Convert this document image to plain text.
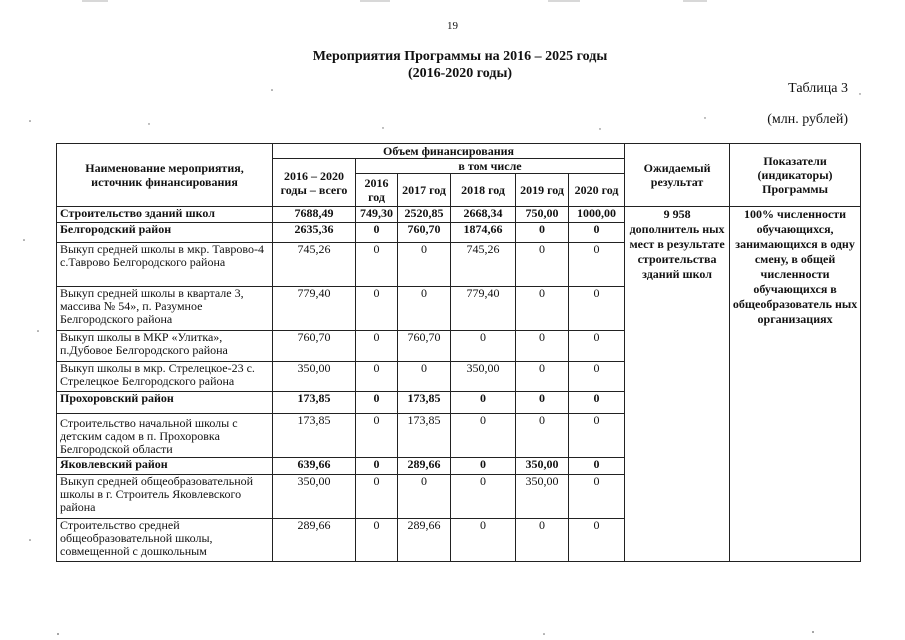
19
Мероприятия Программы на 2016 – 2025 годы
(2016-2020 годы)
Таблица 3
(млн. рублей)
Наименование мероприятия, источник финансирования	Объем финансирования						Ожидаемый результат	Показатели (индикаторы) Программы
	2016 – 2020 годы – всего	в том числе						
		2016 год	2017 год	2018 год	2019 год	2020 год		
Строительство зданий школ	7688,49	749,30	2520,85	2668,34	750,00	1000,00	9 958 дополнитель ных мест в результате строительства зданий школ	100% численности обучающихся, занимающихся в одну смену, в общей численности обучающихся в общеобразователь ных организациях
Белгородский район	2635,36	0	760,70	1874,66	0	0		
Выкуп средней школы в мкр. Таврово-4 с.Таврово Белгородского района	745,26	0	0	745,26	0	0		
Выкуп средней школы в квартале 3, массива № 54», п. Разумное Белгородского района	779,40	0	0	779,40	0	0		
Выкуп школы в МКР «Улитка», п.Дубовое Белгородского района	760,70	0	760,70	0	0	0		
Выкуп школы в мкр. Стрелецкое-23 с. Стрелецкое Белгородского района	350,00	0	0	350,00	0	0		
Прохоровский район	173,85	0	173,85	0	0	0		
Строительство начальной школы с детским садом в п. Прохоровка Белгородской области	173,85	0	173,85	0	0	0		
Яковлевский район	639,66	0	289,66	0	350,00	0		
Выкуп средней общеобразовательной школы в г. Строитель Яковлевского района	350,00	0	0	0	350,00	0		
Строительство средней общеобразовательной школы, совмещенной с дошкольным	289,66	0	289,66	0	0	0		
